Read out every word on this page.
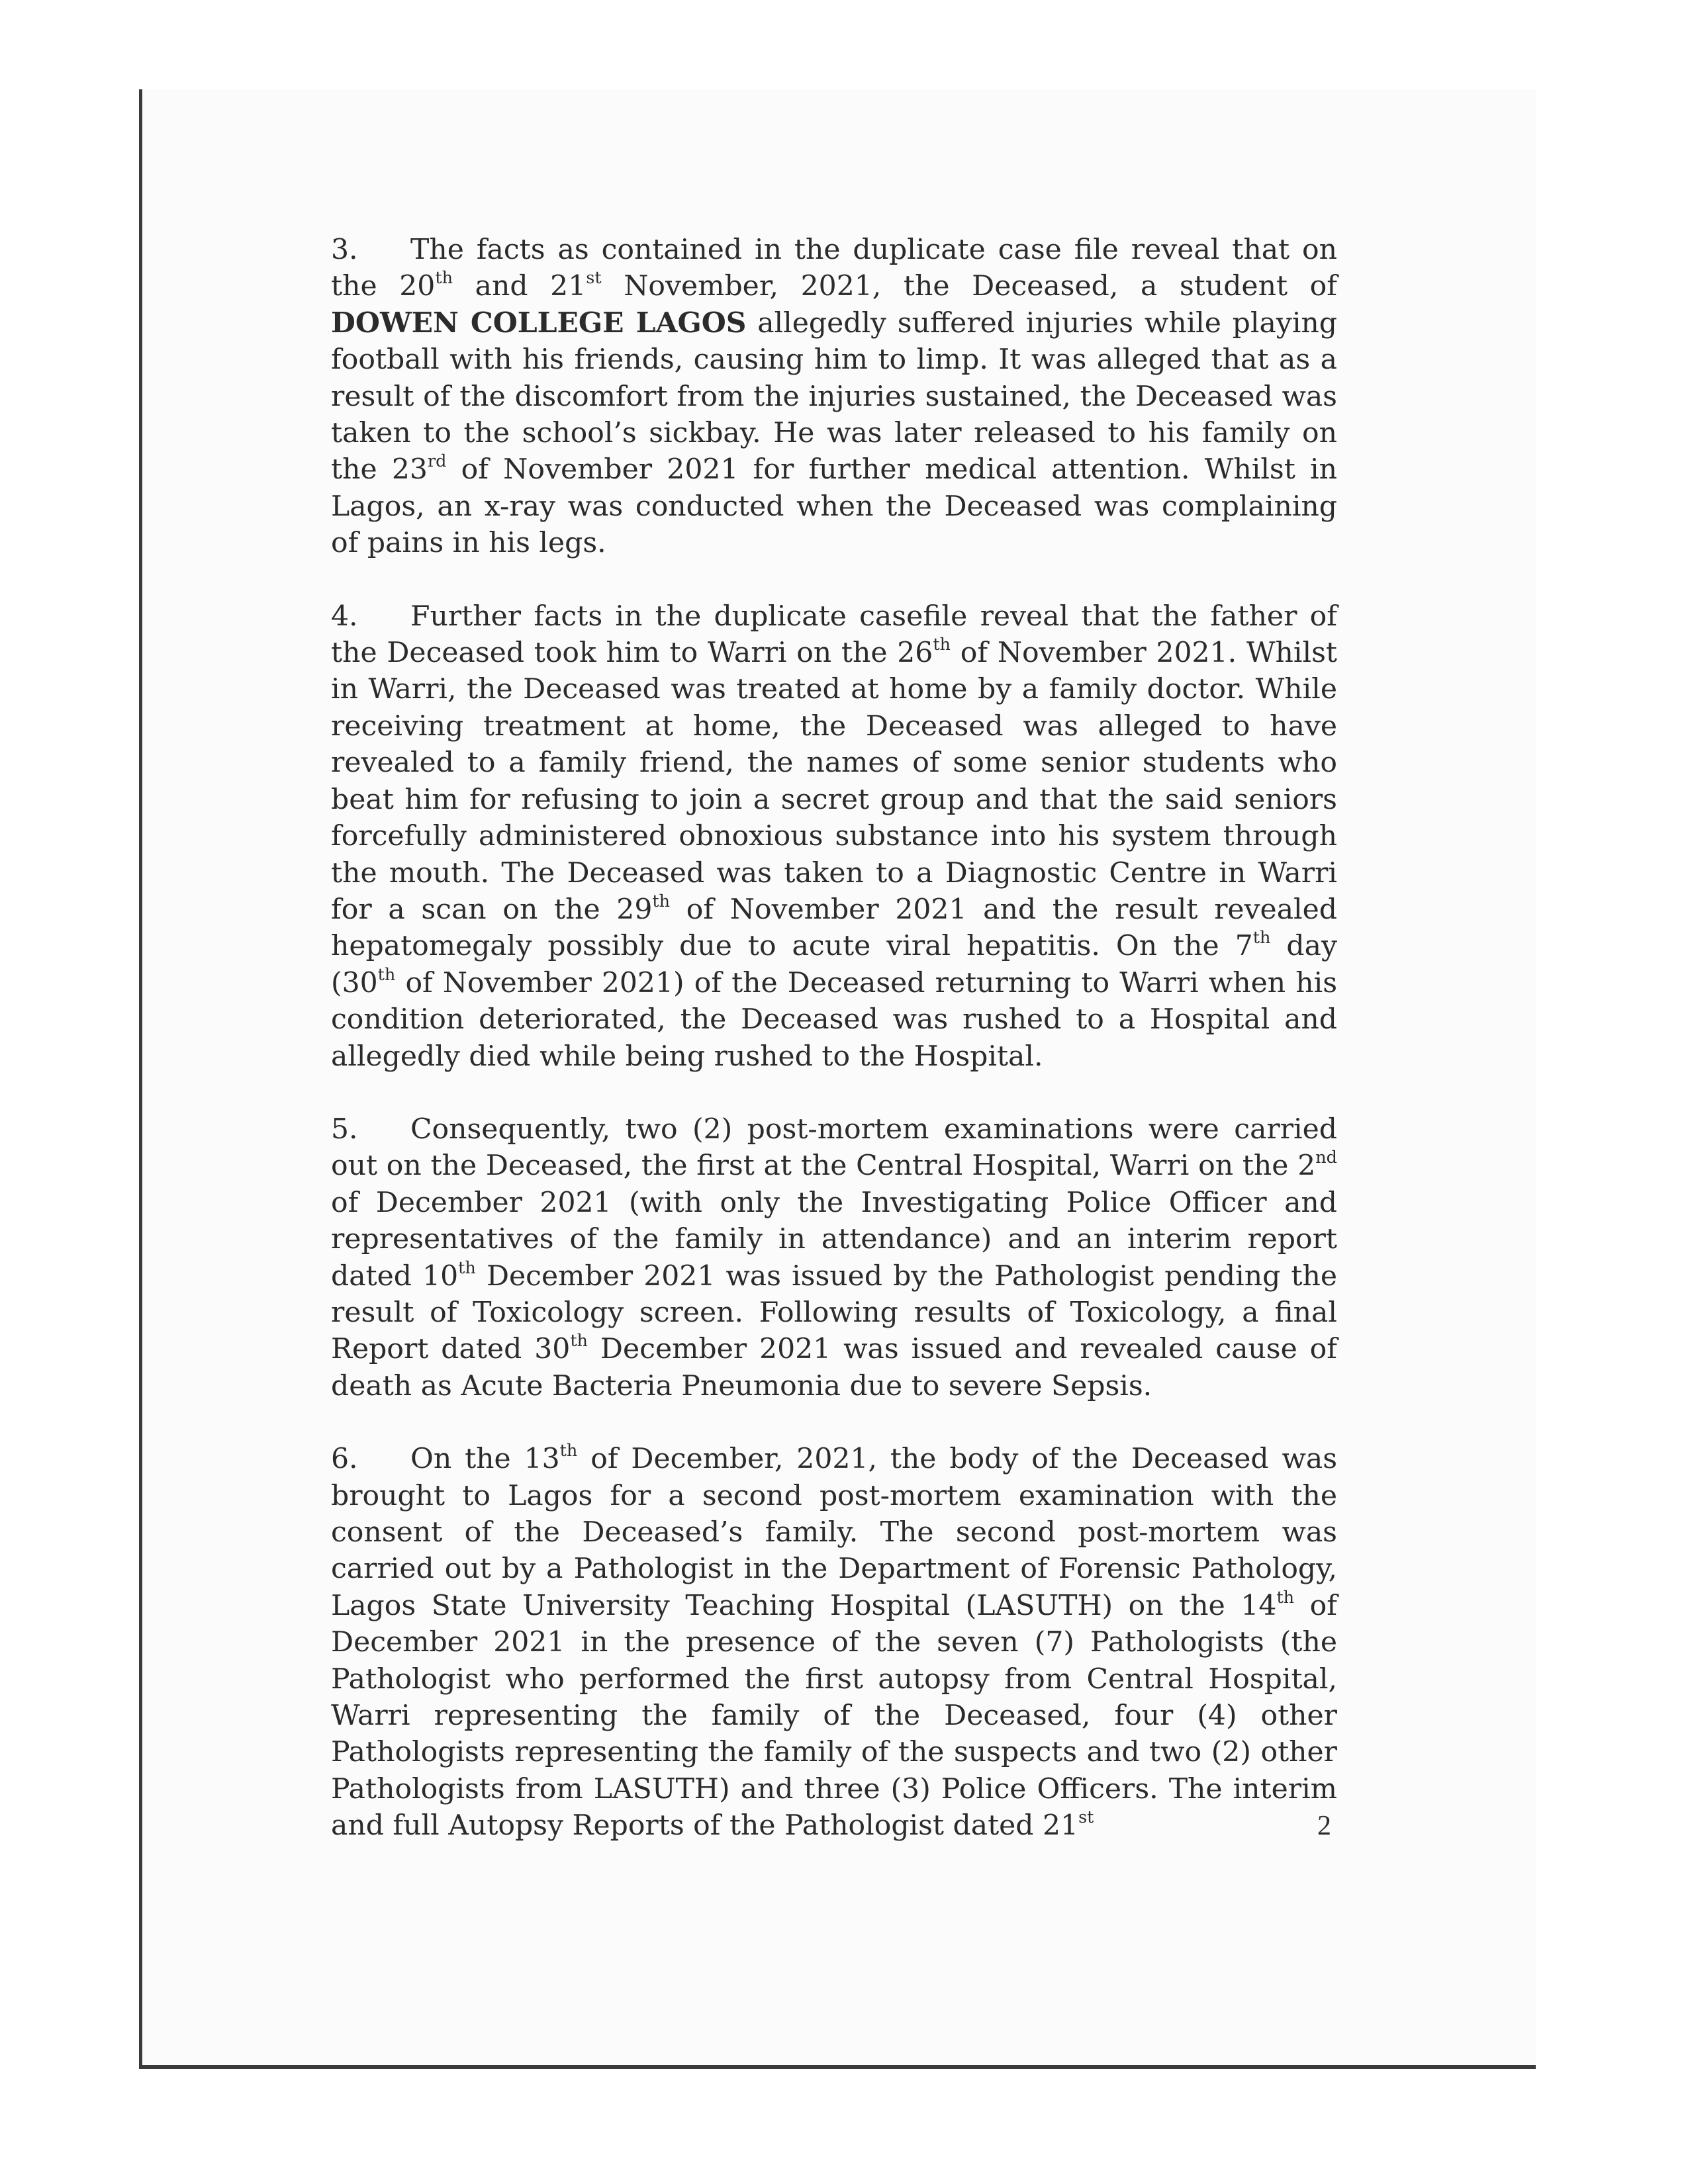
3. The facts as contained in the duplicate case file reveal that on the 20th and 21st November, 2021, the Deceased, a student of DOWEN COLLEGE LAGOS allegedly suffered injuries while playing football with his friends, causing him to limp. It was alleged that as a result of the discomfort from the injuries sustained, the Deceased was taken to the school’s sickbay. He was later released to his family on the 23rd of November 2021 for further medical attention. Whilst in Lagos, an x-ray was conducted when the Deceased was complaining of pains in his legs.

4. Further facts in the duplicate casefile reveal that the father of the Deceased took him to Warri on the 26th of November 2021. Whilst in Warri, the Deceased was treated at home by a family doctor. While receiving treatment at home, the Deceased was alleged to have revealed to a family friend, the names of some senior students who beat him for refusing to join a secret group and that the said seniors forcefully administered obnoxious substance into his system through the mouth. The Deceased was taken to a Diagnostic Centre in Warri for a scan on the 29th of November 2021 and the result revealed hepatomegaly possibly due to acute viral hepatitis. On the 7th day (30th of November 2021) of the Deceased returning to Warri when his condition deteriorated, the Deceased was rushed to a Hospital and allegedly died while being rushed to the Hospital.

5. Consequently, two (2) post-mortem examinations were carried out on the Deceased, the first at the Central Hospital, Warri on the 2nd of December 2021 (with only the Investigating Police Officer and representatives of the family in attendance) and an interim report dated 10th December 2021 was issued by the Pathologist pending the result of Toxicology screen. Following results of Toxicology, a final Report dated 30th December 2021 was issued and revealed cause of death as Acute Bacteria Pneumonia due to severe Sepsis.

6. On the 13th of December, 2021, the body of the Deceased was brought to Lagos for a second post-mortem examination with the consent of the Deceased’s family. The second post-mortem was carried out by a Pathologist in the Department of Forensic Pathology, Lagos State University Teaching Hospital (LASUTH) on the 14th of December 2021 in the presence of the seven (7) Pathologists (the Pathologist who performed the first autopsy from Central Hospital, Warri representing the family of the Deceased, four (4) other Pathologists representing the family of the suspects and two (2) other Pathologists from LASUTH) and three (3) Police Officers. The interim and full Autopsy Reports of the Pathologist dated 21st	2
